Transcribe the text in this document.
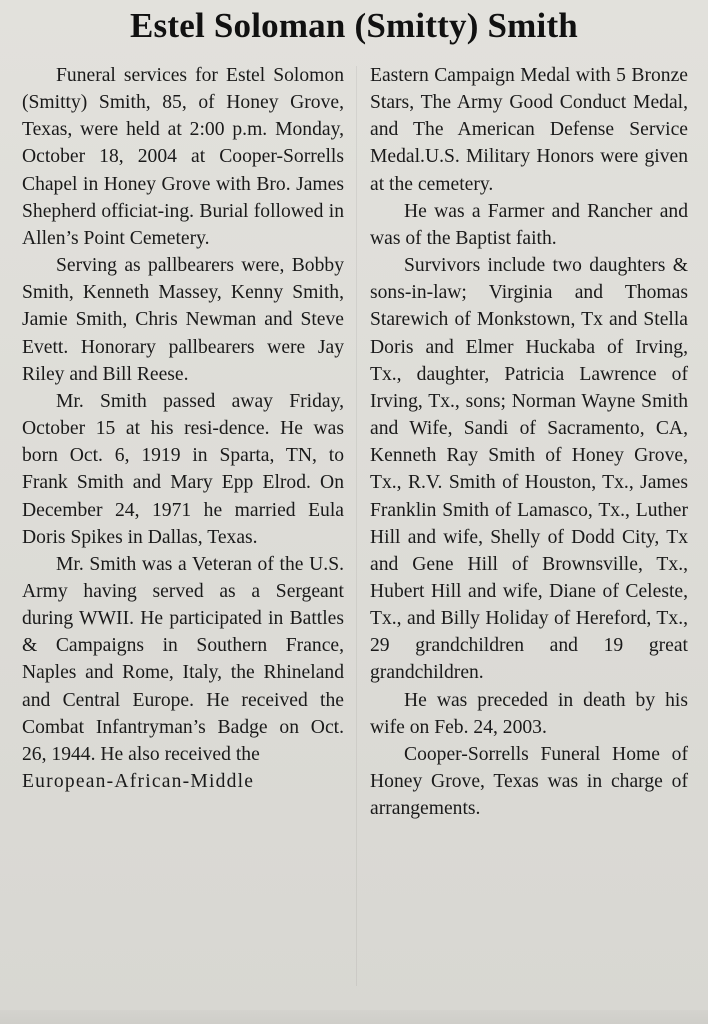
Estel Soloman (Smitty) Smith

Funeral services for Estel Solomon (Smitty) Smith, 85, of Honey Grove, Texas, were held at 2:00 p.m. Monday, October 18, 2004 at Cooper-Sorrells Chapel in Honey Grove with Bro. James Shepherd officiat-ing. Burial followed in Allen’s Point Cemetery.

Serving as pallbearers were, Bobby Smith, Kenneth Massey, Kenny Smith, Jamie Smith, Chris Newman and Steve Evett. Honorary pallbearers were Jay Riley and Bill Reese.

Mr. Smith passed away Friday, October 15 at his resi-dence. He was born Oct. 6, 1919 in Sparta, TN, to Frank Smith and Mary Epp Elrod. On December 24, 1971 he married Eula Doris Spikes in Dallas, Texas.

Mr. Smith was a Veteran of the U.S. Army having served as a Sergeant during WWII. He participated in Battles & Campaigns in Southern France, Naples and Rome, Italy, the Rhineland and Central Europe. He received the Combat Infantryman’s Badge on Oct. 26, 1944. He also received the

European-African-Middle

Eastern Campaign Medal with 5 Bronze Stars, The Army Good Conduct Medal, and The American Defense Service Medal.U.S. Military Honors were given at the cemetery.

He was a Farmer and Rancher and was of the Baptist faith.

Survivors include two daughters & sons-in-law; Virginia and Thomas Starewich of Monkstown, Tx and Stella Doris and Elmer Huckaba of Irving, Tx., daughter, Patricia Lawrence of Irving, Tx., sons; Norman Wayne Smith and Wife, Sandi of Sacramento, CA, Kenneth Ray Smith of Honey Grove, Tx., R.V. Smith of Houston, Tx., James Franklin Smith of Lamasco, Tx., Luther Hill and wife, Shelly of Dodd City, Tx and Gene Hill of Brownsville, Tx., Hubert Hill and wife, Diane of Celeste, Tx., and Billy Holiday of Hereford, Tx., 29 grandchildren and 19 great grandchildren.

He was preceded in death by his wife on Feb. 24, 2003.

Cooper-Sorrells Funeral Home of Honey Grove, Texas was in charge of arrangements.
